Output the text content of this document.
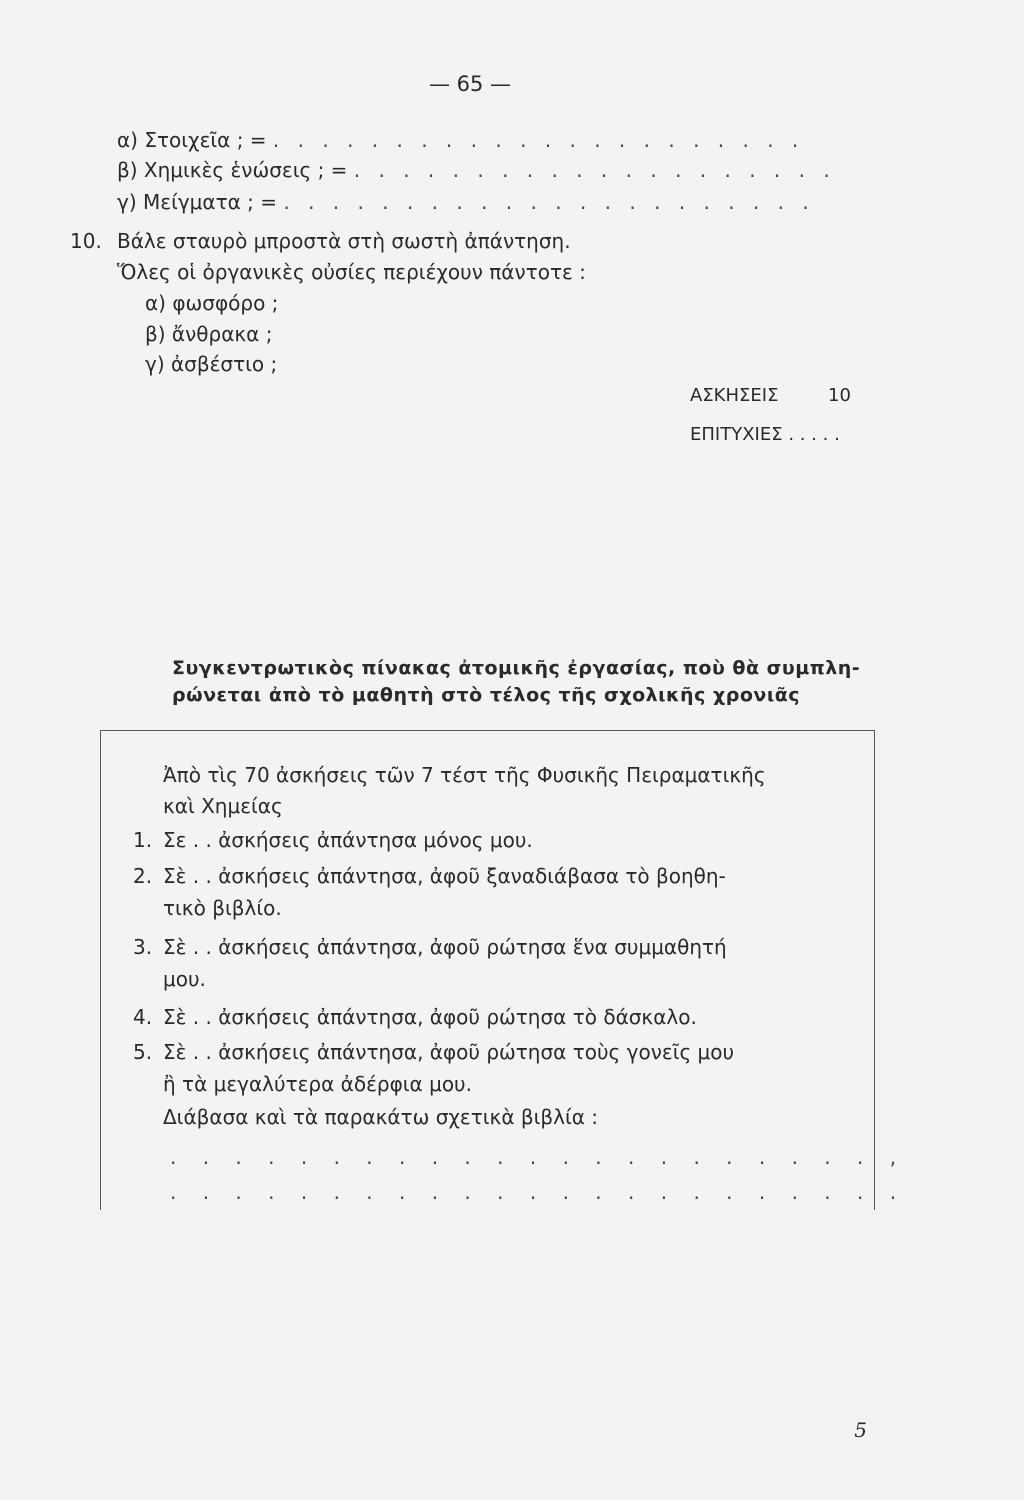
— 65 —
α) Στοιχεῖα ; = . . . . . . . . . . . . . . . . . . . . . .
β) Χημικὲς ἑνώσεις ; = . . . . . . . . . . . . . . . . . . . .
γ) Μείγματα ; = . . . . . . . . . . . . . . . . . . . . . .
10. Βάλε σταυρὸ μπροστὰ στὴ σωστὴ ἀπάντηση.
Ὅλες οἱ ὀργανικὲς οὐσίες περιέχουν πάντοτε :
α) φωσφόρο ;
β) ἄνθρακα ;
γ) ἀσβέστιο ;
ΑΣΚΗΣΕΙΣ	10
ΕΠΙΤΥΧΙΕΣ . . . . .
Συγκεντρωτικὸς πίνακας ἀτομικῆς ἐργασίας, ποὺ θὰ συμπλη-
ρώνεται ἀπὸ τὸ μαθητὴ στὸ τέλος τῆς σχολικῆς χρονιᾶς
Ἀπὸ τὶς 70 ἀσκήσεις τῶν 7 τέστ τῆς Φυσικῆς Πειραματικῆς
καὶ Χημείας
1. Σε . . ἀσκήσεις ἀπάντησα μόνος μου.
2. Σὲ . . ἀσκήσεις ἀπάντησα, ἀφοῦ ξαναδιάβασα τὸ βοηθη-
τικὸ βιβλίο.
3. Σὲ . . ἀσκήσεις ἀπάντησα, ἀφοῦ ρώτησα ἕνα συμμαθητή
μου.
4. Σὲ . . ἀσκήσεις ἀπάντησα, ἀφοῦ ρώτησα τὸ δάσκαλο.
5. Σὲ . . ἀσκήσεις ἀπάντησα, ἀφοῦ ρώτησα τοὺς γονεῖς μου
ἢ τὰ μεγαλύτερα ἀδέρφια μου.
Διάβασα καὶ τὰ παρακάτω σχετικὰ βιβλία :
. . . . . . . . . . . . . . . . . . . . . . ,
. . . . . . . . . . . . . . . . . . . . . . .
5
